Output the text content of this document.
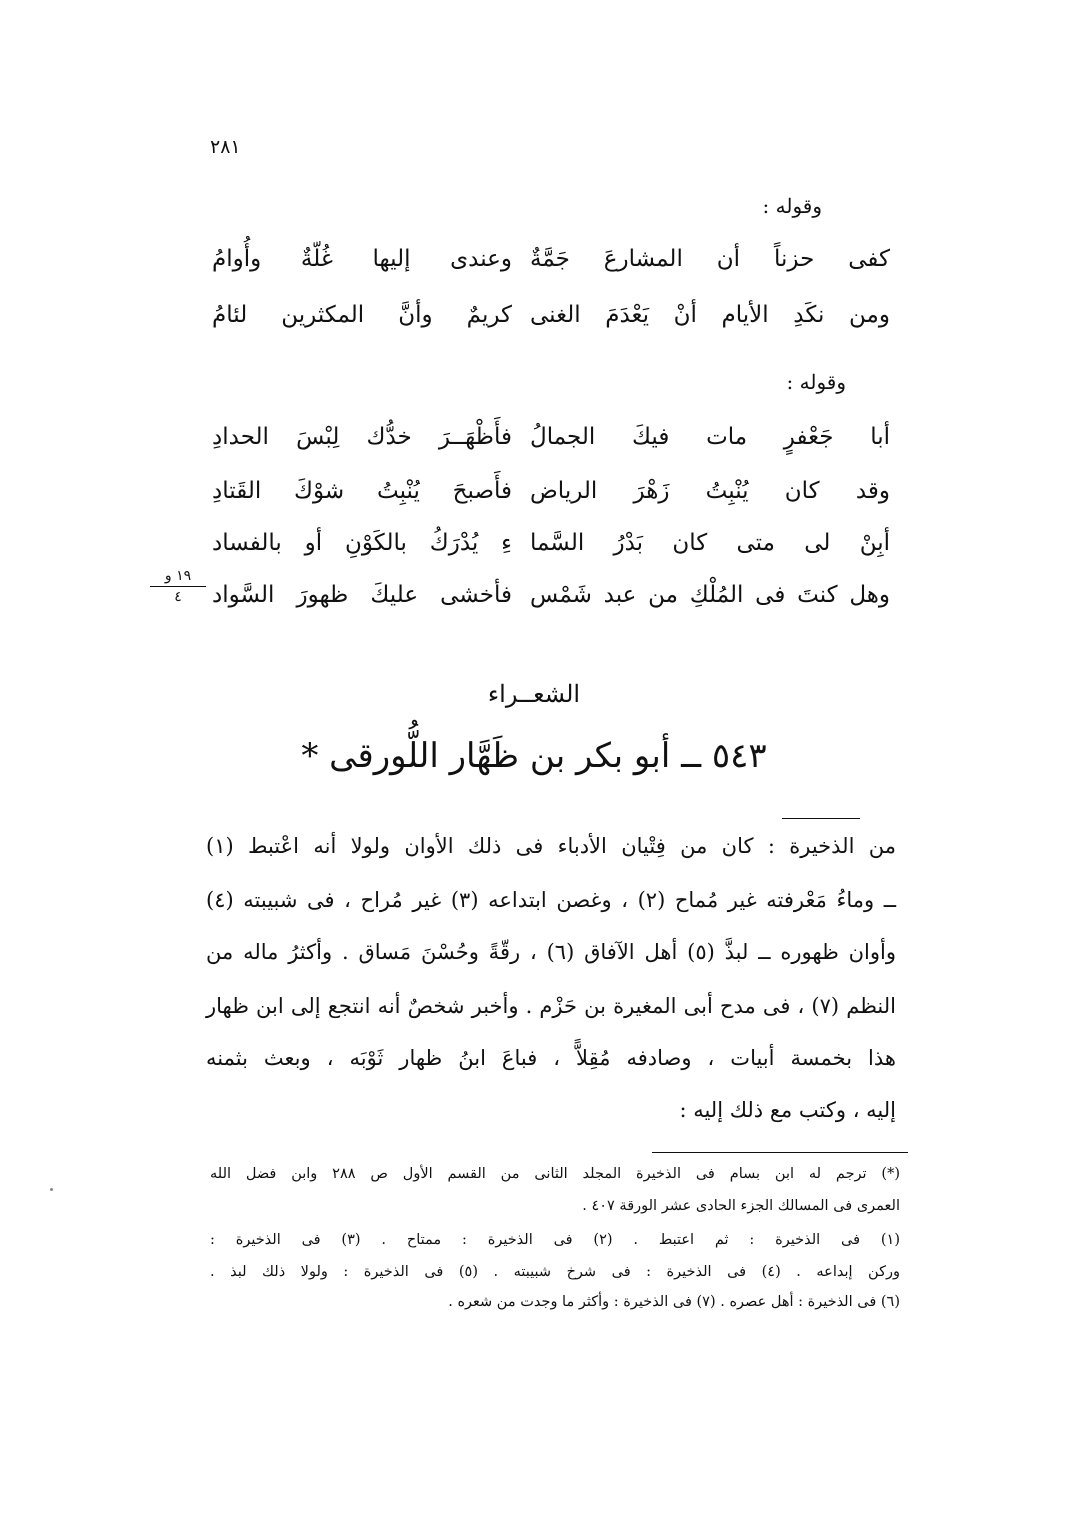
٢٨١
وقوله :
كفى حزناً أن المشارعَ جَمَّةٌ
وعندى إليها غُلّةٌ وأُوامُ
ومن نكَدِ الأيام أنْ يَعْدَمَ الغنى
كريمٌ وأنَّ المكثرين لئامُ
وقوله :
أبا جَعْفرٍ مات فيكَ الجمالُ
فأَظْهَــرَ خدُّك لِبْسَ الحدادِ
وقد كان يُنْبِتُ زَهْرَ الرياض
فأَصبحَ يُنْبِتُ شوْكَ القَتادِ
أبِنْ لى متى كان بَدْرُ السَّما
ءِ يُدْرَكُ بالكَوْنِ أو بالفساد
وهل كنتَ فى المُلْكِ من عبد شَمْس
فأخشى عليكَ ظهورَ السَّواد
١٩ و
٤
الشعــراء
٥٤٣ ــ أبو بكر بن ظَهَّار اللُّورقى *
من الذخيرة : كان من فِتْيان الأدباء فى ذلك الأوان ولولا أنه اعْتبط (١)
ــ وماءُ مَعْرفته غير مُماح (٢) ، وغصن ابتداعه (٣) غير مُراح ، فى شبيبته (٤)
وأوان ظهوره ــ لبذَّ (٥) أهل الآفاق (٦) ، رقّةً وحُسْنَ مَساق . وأكثرُ ماله من
النظم (٧) ، فى مدح أبى المغيرة بن حَزْم . وأخبر شخصٌ أنه انتجع إلى ابن ظهار
هذا بخمسة أبيات ، وصادفه مُقِلاًّ ، فباعَ ابنُ ظهار ثَوْبَه ، وبعث بثمنه
إليه ، وكتب مع ذلك إليه :
(*) ترجم له ابن بسام فى الذخيرة المجلد الثانى من القسم الأول ص ٢٨٨ وابن فضل الله
العمرى فى المسالك الجزء الحادى عشر الورقة ٤٠٧ .
(١) فى الذخيرة : ثم اعتبط . (٢) فى الذخيرة : ممتاح . (٣) فى الذخيرة :
وركن إبداعه . (٤) فى الذخيرة : فى شرخ شبيبته . (٥) فى الذخيرة : ولولا ذلك لبذ .
(٦) فى الذخيرة : أهل عصره . (٧) فى الذخيرة : وأكثر ما وجدت من شعره .
